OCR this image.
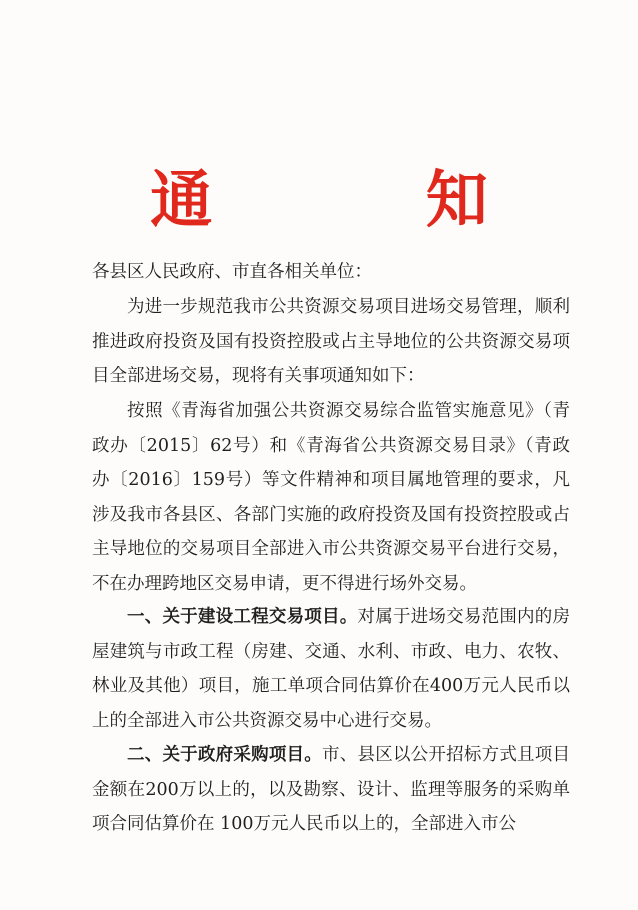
通 知
各县区人民政府、市直各相关单位：
为进一步规范我市公共资源交易项目进场交易管理，顺利推进政府投资及国有投资控股或占主导地位的公共资源交易项目全部进场交易，现将有关事项通知如下：
按照《青海省加强公共资源交易综合监管实施意见》（青政办〔2015〕62号）和《青海省公共资源交易目录》（青政办〔2016〕159号）等文件精神和项目属地管理的要求，凡涉及我市各县区、各部门实施的政府投资及国有投资控股或占主导地位的交易项目全部进入市公共资源交易平台进行交易，不在办理跨地区交易申请，更不得进行场外交易。
一、关于建设工程交易项目。对属于进场交易范围内的房屋建筑与市政工程（房建、交通、水利、市政、电力、农牧、林业及其他）项目，施工单项合同估算价在400万元人民币以上的全部进入市公共资源交易中心进行交易。
二、关于政府采购项目。市、县区以公开招标方式且项目金额在200万以上的，以及勘察、设计、监理等服务的采购单项合同估算价在 100万元人民币以上的，全部进入市公
